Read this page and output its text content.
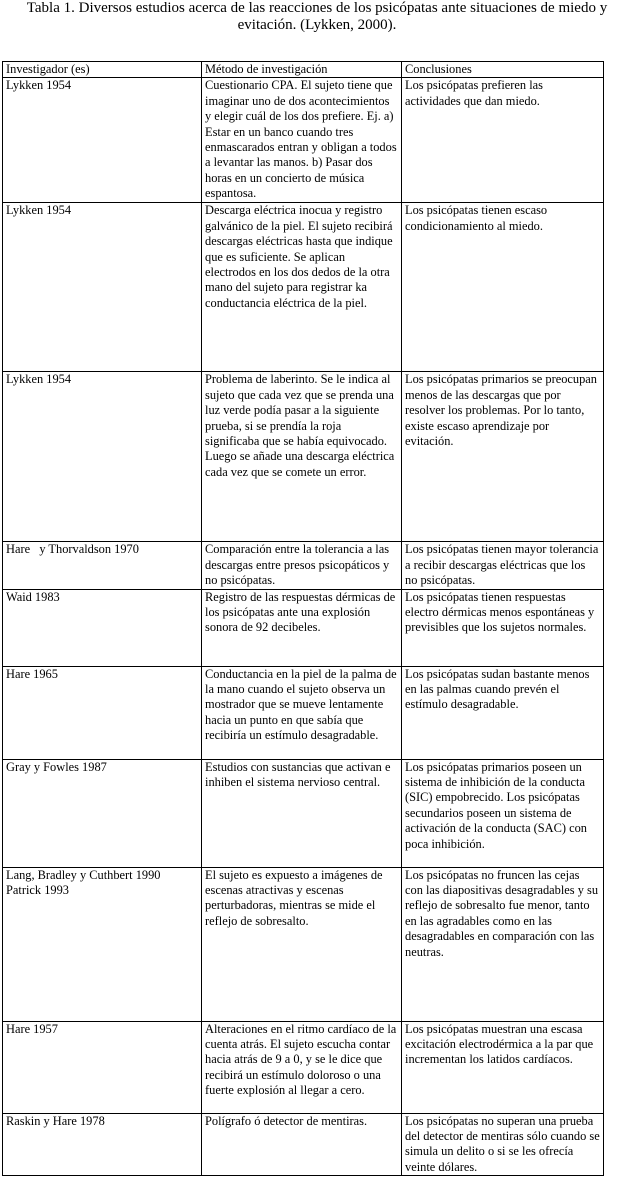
Tabla 1. Diversos estudios acerca de las reacciones de los psicópatas ante situaciones de miedo y
evitación. (Lykken, 2000).
Investigador (es)	Método de investigación	Conclusiones
Lykken 1954	Cuestionario CPA. El sujeto tiene que imaginar uno de dos acontecimientos y elegir cuál de los dos prefiere. Ej. a) Estar en un banco cuando tres enmascarados entran y obligan a todos a levantar las manos. b) Pasar dos horas en un concierto de música espantosa.	Los psicópatas prefieren las actividades que dan miedo.
Lykken 1954	Descarga eléctrica inocua y registro galvánico de la piel. El sujeto recibirá descargas eléctricas hasta que indique que es suficiente. Se aplican electrodos en los dos dedos de la otra mano del sujeto para registrar ka conductancia eléctrica de la piel.	Los psicópatas tienen escaso condicionamiento al miedo.
Lykken 1954	Problema de laberinto. Se le indica al sujeto que cada vez que se prenda una luz verde podía pasar a la siguiente prueba, si se prendía la roja significaba que se había equivocado. Luego se añade una descarga eléctrica cada vez que se comete un error.	Los psicópatas primarios se preocupan menos de las descargas que por resolver los problemas. Por lo tanto, existe escaso aprendizaje por evitación.
Hare   y Thorvaldson 1970	Comparación entre la tolerancia a las descargas entre presos psicopáticos y no psicópatas.	Los psicópatas tienen mayor tolerancia a recibir descargas eléctricas que los no psicópatas.
Waid 1983	Registro de las respuestas dérmicas de los psicópatas ante una explosión sonora de 92 decibeles.	Los psicópatas tienen respuestas electro dérmicas menos espontáneas y previsibles que los sujetos normales.
Hare 1965	Conductancia en la piel de la palma de la mano cuando el sujeto observa un mostrador que se mueve lentamente hacia un punto en que sabía que recibiría un estímulo desagradable.	Los psicópatas sudan bastante menos en las palmas cuando prevén el estímulo desagradable.
Gray y Fowles 1987	Estudios con sustancias que activan e inhiben el sistema nervioso central.	Los psicópatas primarios poseen un sistema de inhibición de la conducta (SIC) empobrecido. Los psicópatas secundarios poseen un sistema de activación de la conducta (SAC) con poca inhibición.

Lang, Bradley y Cuthbert 1990
Patrick 1993	El sujeto es expuesto a imágenes de escenas atractivas y escenas perturbadoras, mientras se mide el reflejo de sobresalto.	Los psicópatas no fruncen las cejas con las diapositivas desagradables y su reflejo de sobresalto fue menor, tanto en las agradables como en las desagradables en comparación con las neutras.
Hare 1957	Alteraciones en el ritmo cardíaco de la cuenta atrás. El sujeto escucha contar hacia atrás de 9 a 0, y se le dice que recibirá un estímulo doloroso o una fuerte explosión al llegar a cero.	Los psicópatas muestran una escasa excitación electrodérmica a la par que incrementan los latidos cardíacos.
Raskin y Hare 1978	Polígrafo ó detector de mentiras.	Los psicópatas no superan una prueba del detector de mentiras sólo cuando se simula un delito o si se les ofrecía veinte dólares.
